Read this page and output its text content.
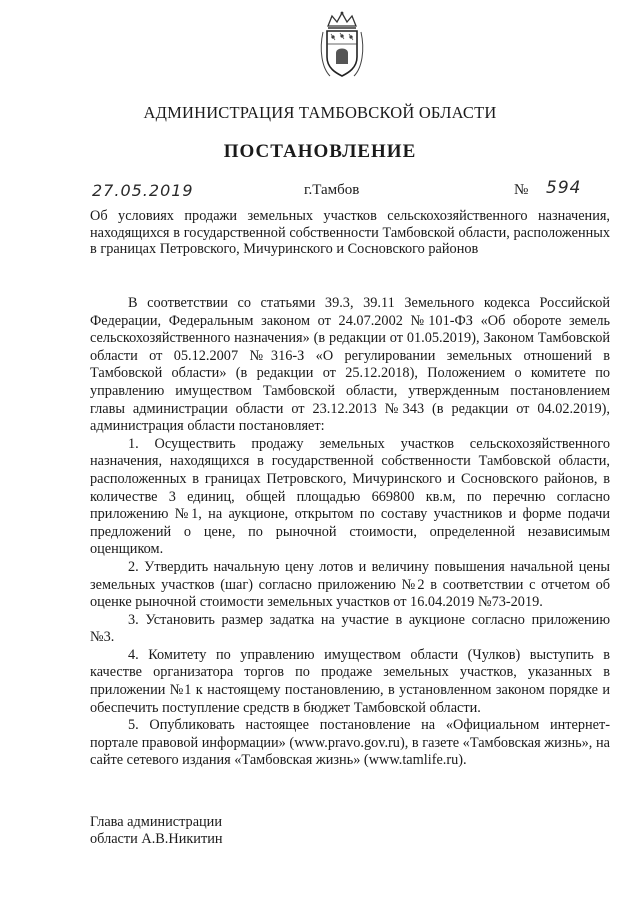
АДМИНИСТРАЦИЯ ТАМБОВСКОЙ ОБЛАСТИ
ПОСТАНОВЛЕНИЕ
27.05.2019	г.Тамбов	№ 594
Об условиях продажи земельных участков сельскохозяйственного назначения, находящихся в государственной собственности Тамбовской области, расположенных в границах Петровского, Мичуринского и Сосновского районов

В соответствии со статьями 39.3, 39.11 Земельного кодекса Российской Федерации, Федеральным законом от 24.07.2002 №101-ФЗ «Об обороте земель сельскохозяйственного назначения» (в редакции от 01.05.2019), Законом Тамбовской области от 05.12.2007 №316-З «О регулировании земельных отношений в Тамбовской области» (в редакции от 25.12.2018), Положением о комитете по управлению имуществом Тамбовской области, утвержденным постановлением главы администрации области от 23.12.2013 №343 (в редакции от 04.02.2019), администрация области постановляет:

1. Осуществить продажу земельных участков сельскохозяйственного назначения, находящихся в государственной собственности Тамбовской области, расположенных в границах Петровского, Мичуринского и Сосновского районов, в количестве 3 единиц, общей площадью 669800 кв.м, по перечню согласно приложению №1, на аукционе, открытом по составу участников и форме подачи предложений о цене, по рыночной стоимости, определенной независимым оценщиком.

2. Утвердить начальную цену лотов и величину повышения начальной цены земельных участков (шаг) согласно приложению №2 в соответствии с отчетом об оценке рыночной стоимости земельных участков от 16.04.2019 №73-2019.

3. Установить размер задатка на участие в аукционе согласно приложению №3.

4. Комитету по управлению имуществом области (Чулков) выступить в качестве организатора торгов по продаже земельных участков, указанных в приложении №1 к настоящему постановлению, в установленном законом порядке и обеспечить поступление средств в бюджет Тамбовской области.

5. Опубликовать настоящее постановление на «Официальном интернет-портале правовой информации» (www.pravo.gov.ru), в газете «Тамбовская жизнь», на сайте сетевого издания «Тамбовская жизнь» (www.tamlife.ru).

Глава администрации
области А.В.Никитин
